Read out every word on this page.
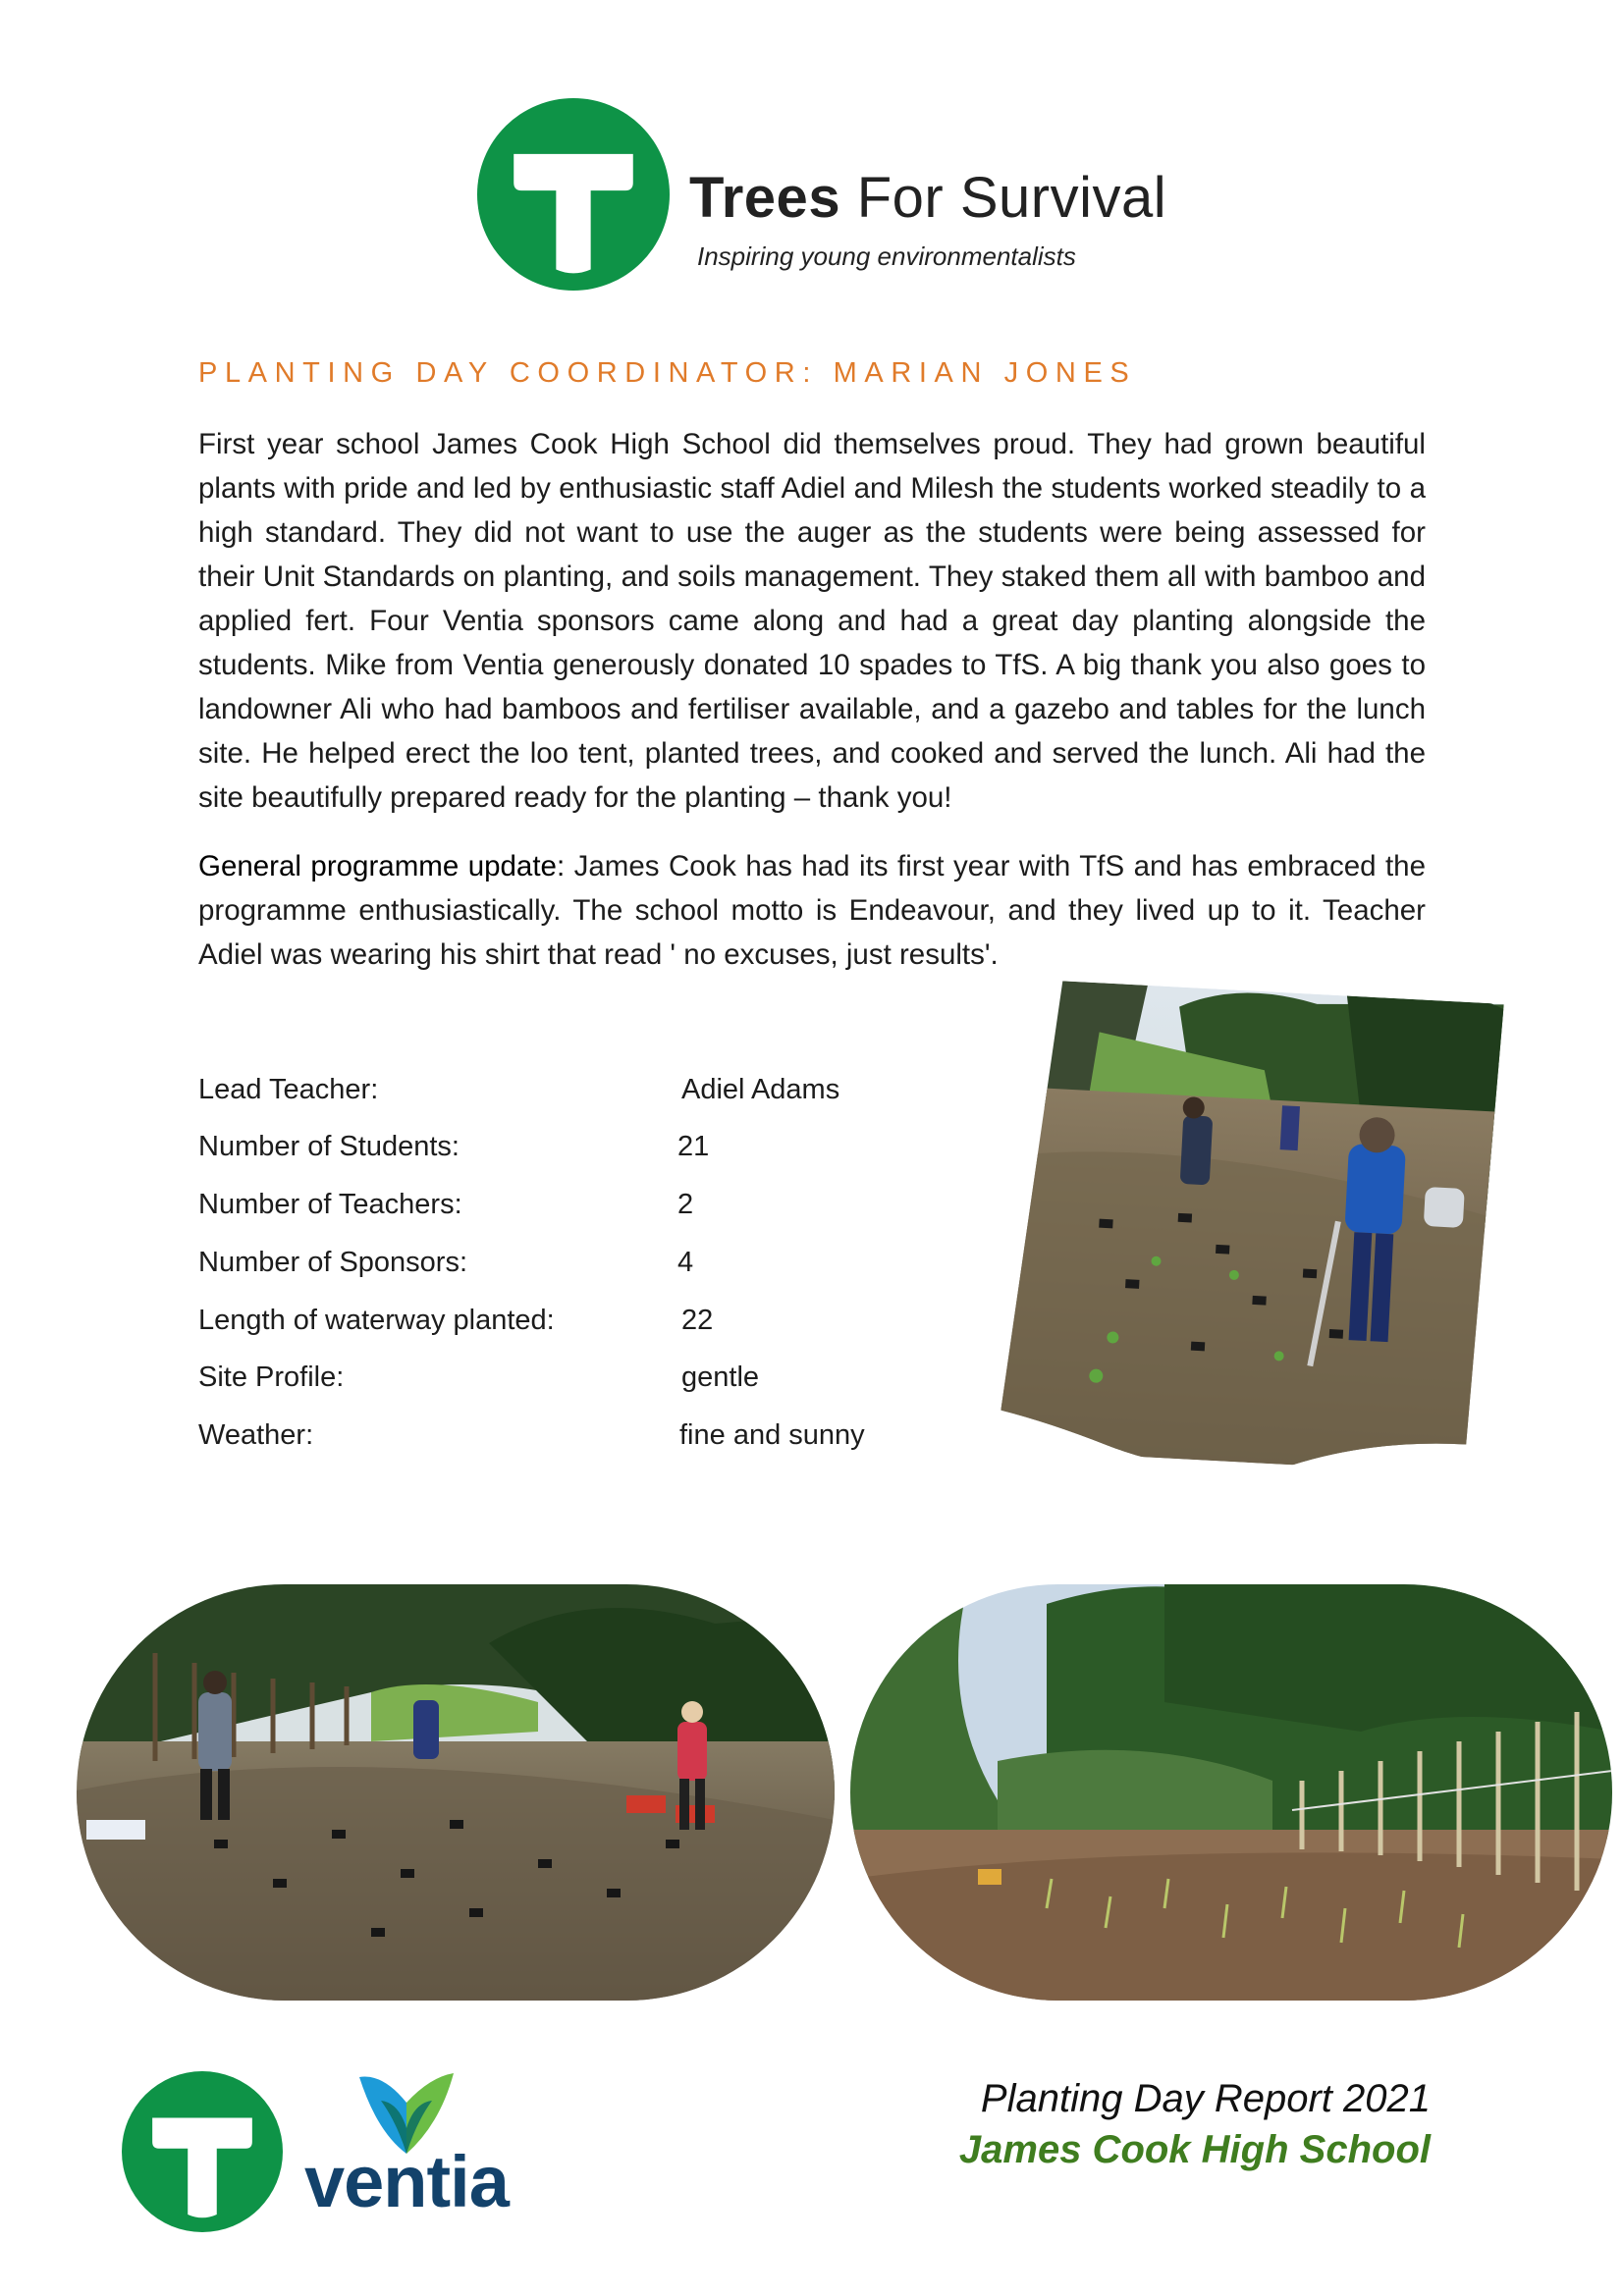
Trees For Survival
Inspiring young environmentalists
PLANTING DAY COORDINATOR: MARIAN JONES
First year school James Cook High School did themselves proud. They had grown beautiful plants with pride and led by enthusiastic staff Adiel and Milesh the students worked steadily to a high standard. They did not want to use the auger as the students were being assessed for their Unit Standards on planting, and soils management. They staked them all with bamboo and applied fert. Four Ventia sponsors came along and had a great day planting alongside the students. Mike from Ventia generously donated 10 spades to TfS. A big thank you also goes to landowner Ali who had bamboos and fertiliser available, and a gazebo and tables for the lunch site. He helped erect the loo tent, planted trees, and cooked and served the lunch. Ali had the site beautifully prepared ready for the planting – thank you!
General programme update: James Cook has had its first year with TfS and has embraced the programme enthusiastically. The school motto is Endeavour, and they lived up to it. Teacher Adiel was wearing his shirt that read ' no excuses, just results'.
Lead Teacher:	Adiel Adams
Number of Students:	21
Number of Teachers:	2
Number of Sponsors:	4
Length of waterway planted:	22
Site Profile:	gentle
Weather:	fine and sunny
ventia
Planting Day Report 2021
James Cook High School
